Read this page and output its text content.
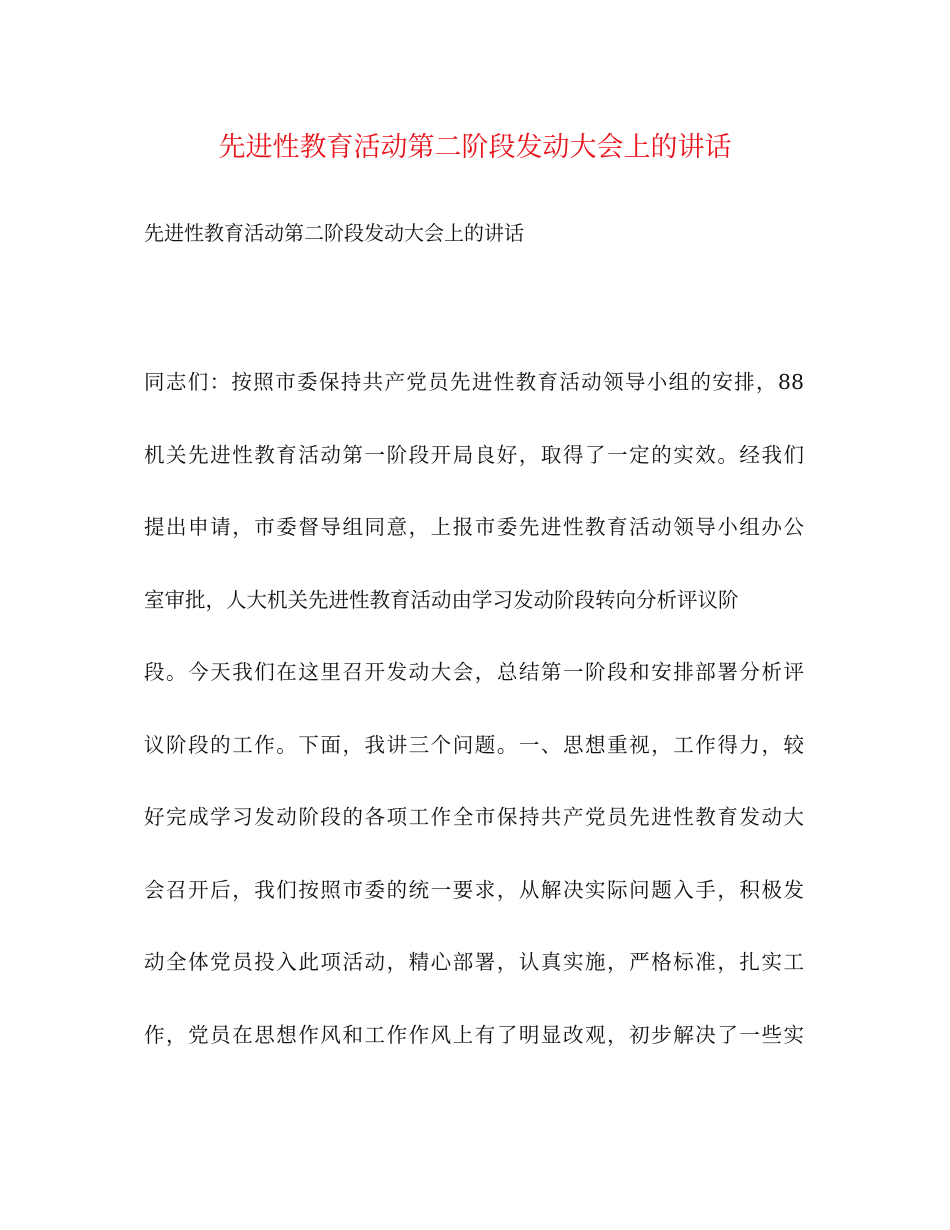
先进性教育活动第二阶段发动大会上的讲话
先进性教育活动第二阶段发动大会上的讲话
同志们：按照市委保持共产党员先进性教育活动领导小组的安排，88
机关先进性教育活动第一阶段开局良好，取得了一定的实效。经我们
提出申请，市委督导组同意，上报市委先进性教育活动领导小组办公
室审批，人大机关先进性教育活动由学习发动阶段转向分析评议阶
段。今天我们在这里召开发动大会，总结第一阶段和安排部署分析评
议阶段的工作。下面，我讲三个问题。一、思想重视，工作得力，较
好完成学习发动阶段的各项工作全市保持共产党员先进性教育发动大
会召开后，我们按照市委的统一要求，从解决实际问题入手，积极发
动全体党员投入此项活动，精心部署，认真实施，严格标准，扎实工
作，党员在思想作风和工作作风上有了明显改观，初步解决了一些实
